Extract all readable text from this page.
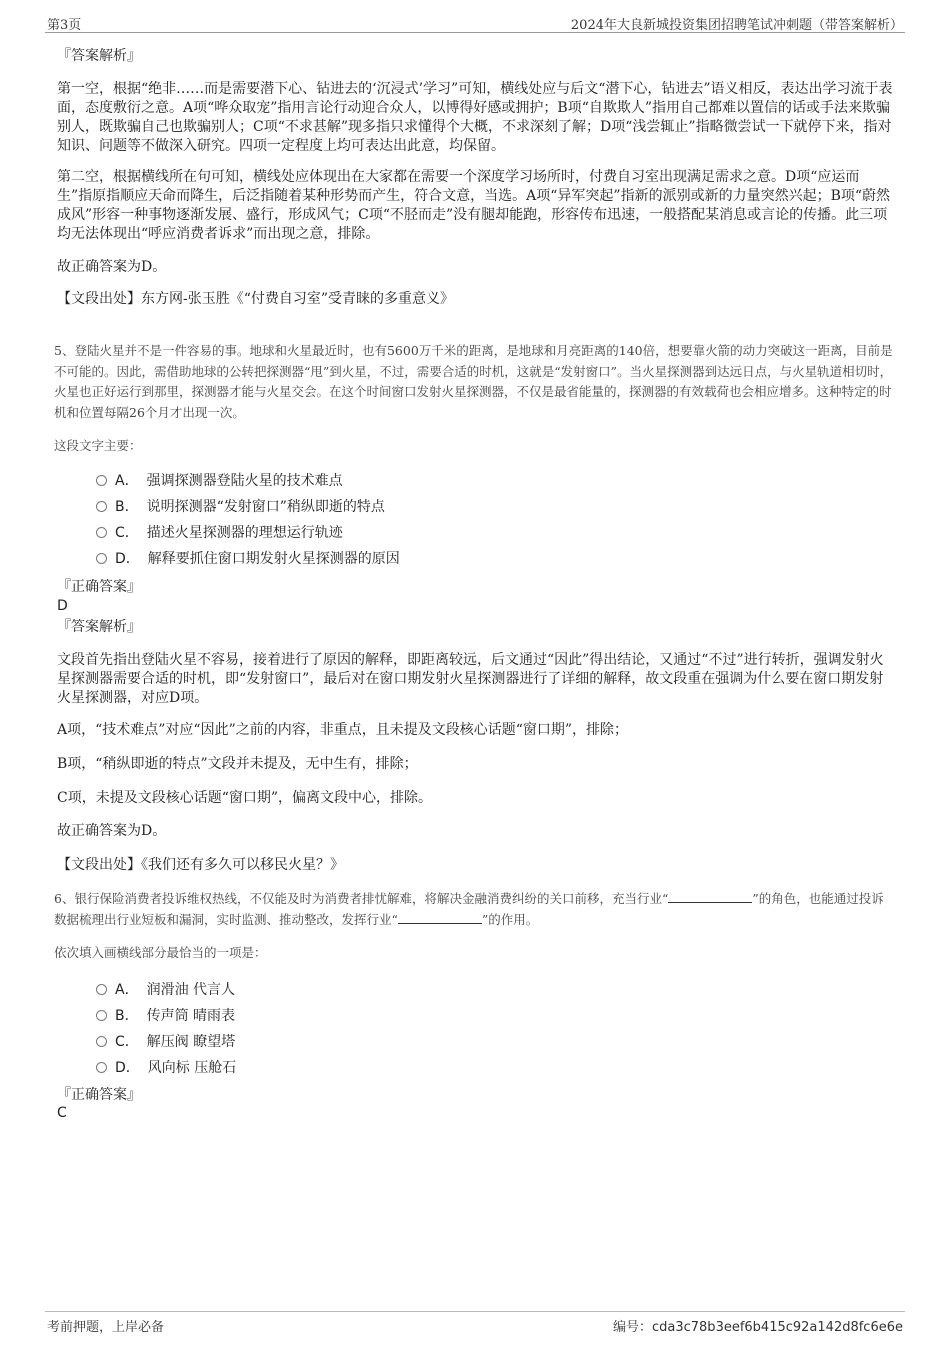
第3页	2024年大良新城投资集团招聘笔试冲刺题（带答案解析）
『答案解析』

第一空，根据“绝非……而是需要潜下心、钻进去的‘沉浸式’学习”可知，横线处应与后文“潜下心，钻进去”语义相反，表达出学习流于表面，态度敷衍之意。A项“哗众取宠”指用言论行动迎合众人，以博得好感或拥护；B项“自欺欺人”指用自己都难以置信的话或手法来欺骗别人，既欺骗自己也欺骗别人；C项“不求甚解”现多指只求懂得个大概，不求深刻了解；D项“浅尝辄止”指略微尝试一下就停下来，指对知识、问题等不做深入研究。四项一定程度上均可表达出此意，均保留。

第二空，根据横线所在句可知，横线处应体现出在大家都在需要一个深度学习场所时，付费自习室出现满足需求之意。D项“应运而生”指原指顺应天命而降生，后泛指随着某种形势而产生，符合文意，当选。A项“异军突起”指新的派别或新的力量突然兴起；B项“蔚然成风”形容一种事物逐渐发展、盛行，形成风气；C项“不胫而走”没有腿却能跑，形容传布迅速，一般搭配某消息或言论的传播。此三项均无法体现出“呼应消费者诉求”而出现之意，排除。

故正确答案为D。

【文段出处】东方网-张玉胜《“付费自习室”受青睐的多重意义》

5、登陆火星并不是一件容易的事。地球和火星最近时，也有5600万千米的距离，是地球和月亮距离的140倍，想要靠火箭的动力突破这一距离，目前是不可能的。因此，需借助地球的公转把探测器“甩”到火星，不过，需要合适的时机，这就是“发射窗口”。当火星探测器到达远日点，与火星轨道相切时，火星也正好运行到那里，探测器才能与火星交会。在这个时间窗口发射火星探测器，不仅是最省能量的，探测器的有效载荷也会相应增多。这种特定的时机和位置每隔26个月才出现一次。

这段文字主要：

A． 强调探测器登陆火星的技术难点
B． 说明探测器“发射窗口”稍纵即逝的特点
C． 描述火星探测器的理想运行轨迹
D． 解释要抓住窗口期发射火星探测器的原因
『正确答案』
D
『答案解析』

文段首先指出登陆火星不容易，接着进行了原因的解释，即距离较远，后文通过“因此”得出结论，又通过“不过”进行转折，强调发射火星探测器需要合适的时机，即“发射窗口”，最后对在窗口期发射火星探测器进行了详细的解释，故文段重在强调为什么要在窗口期发射火星探测器，对应D项。

A项，“技术难点”对应“因此”之前的内容，非重点，且未提及文段核心话题“窗口期”，排除；

B项，“稍纵即逝的特点”文段并未提及，无中生有，排除；

C项，未提及文段核心话题“窗口期”，偏离文段中心，排除。

故正确答案为D。

【文段出处】《我们还有多久可以移民火星？》

6、银行保险消费者投诉维权热线，不仅能及时为消费者排忧解难，将解决金融消费纠纷的关口前移，充当行业“	”的角色，也能通过投诉数据梳理出行业短板和漏洞，实时监测、推动整改，发挥行业“	”的作用。

依次填入画横线部分最恰当的一项是：

A． 润滑油 代言人
B． 传声筒 晴雨表
C． 解压阀 瞭望塔
D． 风向标 压舱石
『正确答案』
C
考前押题，上岸必备	编号：cda3c78b3eef6b415c92a142d8fc6e6e
